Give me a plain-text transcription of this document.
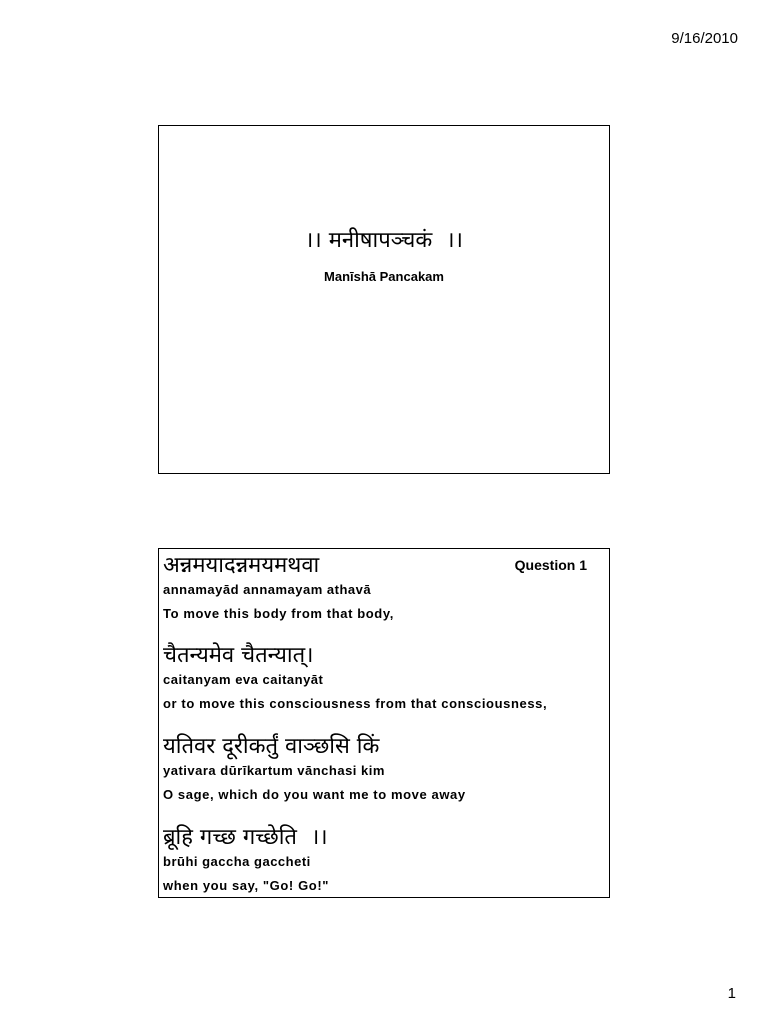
9/16/2010
।। मनीषापञ्चकं  ।।
Manīshā Pancakam
Question 1
अन्नमयादन्नमयमथवा
annamayād annamayam athavā
To move this body from that body,
चैतन्यमेव चैतन्यात्।
caitanyam eva caitanyāt
or to move this consciousness from that consciousness,
यतिवर दूरीकर्तुं वाञ्छसि किं
yativara dūrīkartum vānchasi kim
O sage, which do you want me to move away
ब्रूहि गच्छ गच्छेति  ।।
brūhi gaccha gaccheti
when you say, "Go! Go!"
1
